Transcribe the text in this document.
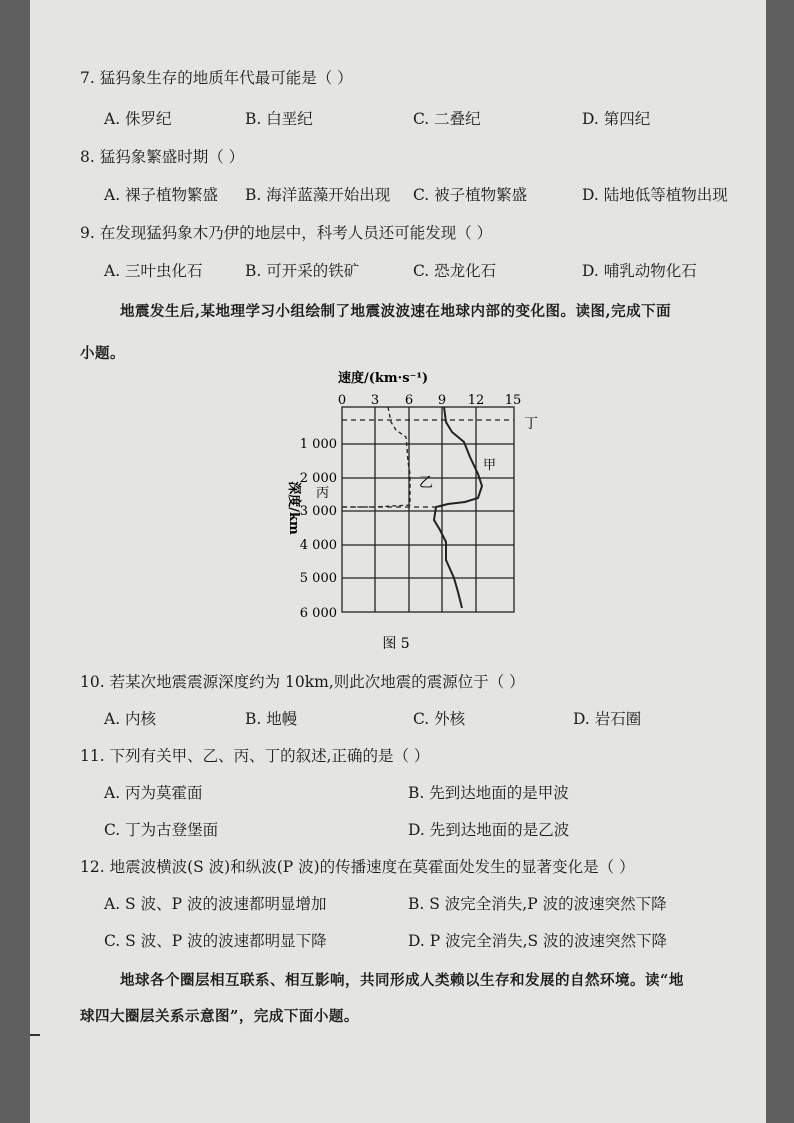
7. 猛犸象生存的地质年代最可能是（ ）
A. 侏罗纪	B. 白垩纪	C. 二叠纪	D. 第四纪
8. 猛犸象繁盛时期（ ）
A. 裸子植物繁盛 B. 海洋蓝藻开始出现 C. 被子植物繁盛	D. 陆地低等植物出现
9. 在发现猛犸象木乃伊的地层中，科考人员还可能发现（ ）
A. 三叶虫化石	B. 可开采的铁矿	C. 恐龙化石	D. 哺乳动物化石
地震发生后,某地理学习小组绘制了地震波波速在地球内部的变化图。读图,完成下面
小题。
速度/(km·s⁻¹)
0 3 6 9 12 15
丁
丙
乙
甲
1 000
2 000
3 000
4 000
5 000
6 000
深度/km
图 5
10. 若某次地震震源深度约为 10km,则此次地震的震源位于（ ）
A. 内核	B. 地幔	C. 外核	D. 岩石圈
11. 下列有关甲、乙、丙、丁的叙述,正确的是（ ）
A. 丙为莫霍面	B. 先到达地面的是甲波
C. 丁为古登堡面	D. 先到达地面的是乙波
12. 地震波横波(S 波)和纵波(P 波)的传播速度在莫霍面处发生的显著变化是（ ）
A. S 波、P 波的波速都明显增加	B. S 波完全消失,P 波的波速突然下降
C. S 波、P 波的波速都明显下降	D. P 波完全消失,S 波的波速突然下降
地球各个圈层相互联系、相互影响，共同形成人类赖以生存和发展的自然环境。读“地
球四大圈层关系示意图”，完成下面小题。
